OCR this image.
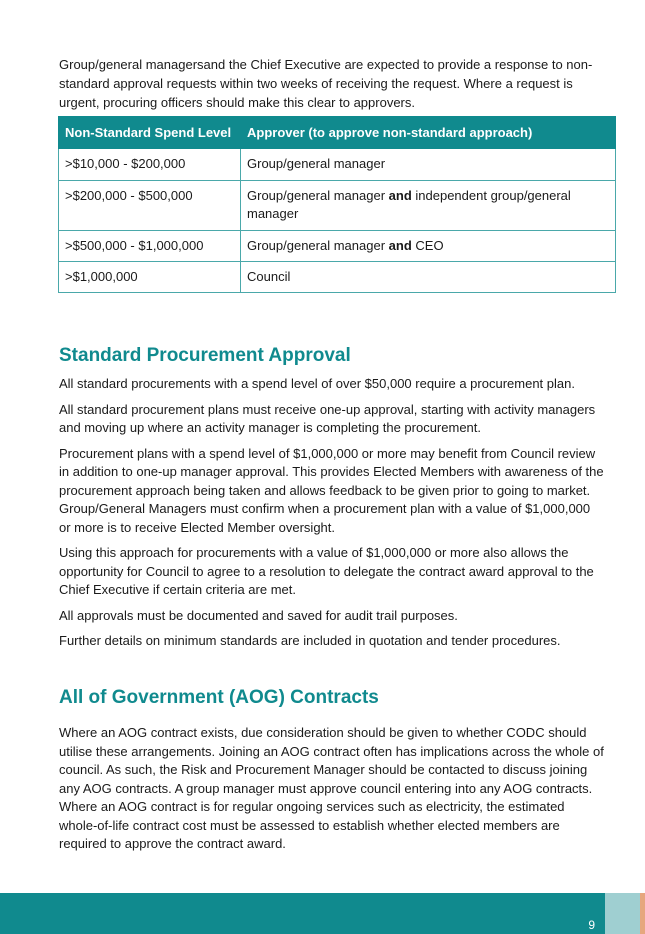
Group/general managersand the Chief Executive are expected to provide a response to non-standard approval requests within two weeks of receiving the request. Where a request is urgent, procuring officers should make this clear to approvers.

Non-Standard Spend Level	Approver (to approve non-standard approach)
>$10,000 - $200,000	Group/general manager
>$200,000 - $500,000	Group/general manager and independent group/general manager
>$500,000 - $1,000,000	Group/general manager and CEO
>$1,000,000	Council
Standard Procurement Approval

All standard procurements with a spend level of over $50,000 require a procurement plan.

All standard procurement plans must receive one-up approval, starting with activity managers and moving up where an activity manager is completing the procurement.

Procurement plans with a spend level of $1,000,000 or more may benefit from Council review in addition to one-up manager approval. This provides Elected Members with awareness of the procurement approach being taken and allows feedback to be given prior to going to market. Group/General Managers must confirm when a procurement plan with a value of $1,000,000 or more is to receive Elected Member oversight.

Using this approach for procurements with a value of $1,000,000 or more also allows the opportunity for Council to agree to a resolution to delegate the contract award approval to the Chief Executive if certain criteria are met.

All approvals must be documented and saved for audit trail purposes.

Further details on minimum standards are included in quotation and tender procedures.

All of Government (AOG) Contracts

Where an AOG contract exists, due consideration should be given to whether CODC should utilise these arrangements. Joining an AOG contract often has implications across the whole of council. As such, the Risk and Procurement Manager should be contacted to discuss joining any AOG contracts. A group manager must approve council entering into any AOG contracts. Where an AOG contract is for regular ongoing services such as electricity, the estimated whole-of-life contract cost must be assessed to establish whether elected members are required to approve the contract award.

9
